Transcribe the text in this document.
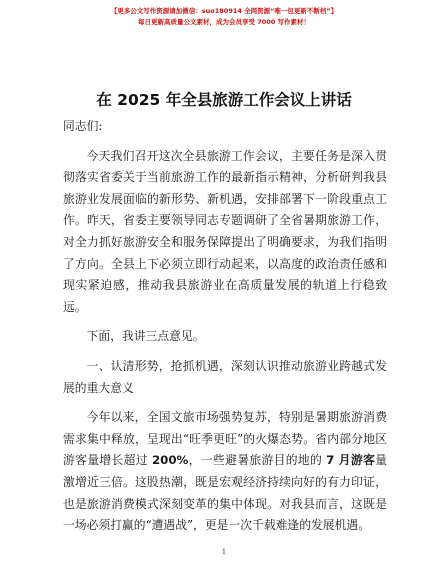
【更多公文写作资源请加微信：suo180914 全网资源“唯一包更新不断档”】
每日更新高质量公文素材，成为会员享受 7000 写作素材！
在 2025 年全县旅游工作会议上讲话

同志们:

今天我们召开这次全县旅游工作会议，主要任务是深入贯彻落实省委关于当前旅游工作的最新指示精神，分析研判我县旅游业发展面临的新形势、新机遇，安排部署下一阶段重点工作。昨天，省委主要领导同志专题调研了全省暑期旅游工作，对全力抓好旅游安全和服务保障提出了明确要求，为我们指明了方向。全县上下必须立即行动起来，以高度的政治责任感和现实紧迫感，推动我县旅游业在高质量发展的轨道上行稳致远。

下面，我讲三点意见。

一、认清形势，抢抓机遇，深刻认识推动旅游业跨越式发展的重大意义

今年以来，全国文旅市场强势复苏，特别是暑期旅游消费需求集中释放，呈现出“旺季更旺”的火爆态势。省内部分地区游客量增长超过 200%，一些避暑旅游目的地的 7 月游客量激增近三倍。这股热潮，既是宏观经济持续向好的有力印证，也是旅游消费模式深刻变革的集中体现。对我县而言，这既是一场必须打赢的“遭遇战”，更是一次千载难逢的发展机遇。

1
